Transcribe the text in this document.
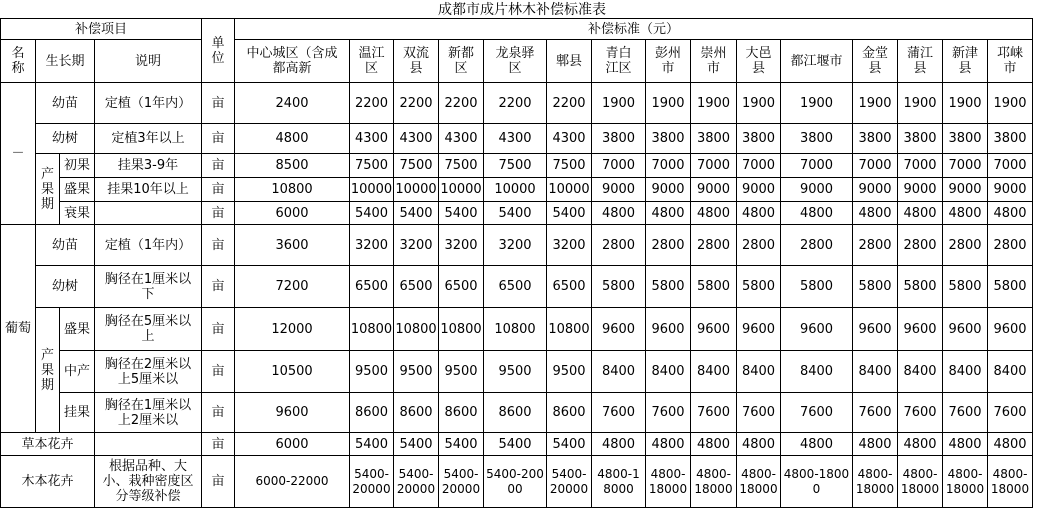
成都市成片林木补偿标准表
补偿项目				单位	补偿标准（元）														
名称	生长期		说明		中心城区（含成都高新	温江区	双流县	新都区	龙泉驿区	郫县	青白江区	彭州市	崇州市	大邑县	都江堰市	金堂县	蒲江县	新津县	邛崃市
－	幼苗		定植（1年内）	亩	2400	2200	2200	2200	2200	2200	1900	1900	1900	1900	1900	1900	1900	1900	1900
	幼树		定植3年以上	亩	4800	4300	4300	4300	4300	4300	3800	3800	3800	3800	3800	3800	3800	3800	3800
	产果期	初果	挂果3-9年	亩	8500	7500	7500	7500	7500	7500	7000	7000	7000	7000	7000	7000	7000	7000	7000
		盛果	挂果10年以上	亩	10800	10000	10000	10000	10000	10000	9000	9000	9000	9000	9000	9000	9000	9000	9000
		衰果		亩	6000	5400	5400	5400	5400	5400	4800	4800	4800	4800	4800	4800	4800	4800	4800
葡萄	幼苗		定植（1年内）	亩	3600	3200	3200	3200	3200	3200	2800	2800	2800	2800	2800	2800	2800	2800	2800
	幼树		胸径在1厘米以下	亩	7200	6500	6500	6500	6500	6500	5800	5800	5800	5800	5800	5800	5800	5800	5800
	产果期	盛果	胸径在5厘米以上	亩	12000	10800	10800	10800	10800	10800	9600	9600	9600	9600	9600	9600	9600	9600	9600
		中产	胸径在2厘米以上5厘米以	亩	10500	9500	9500	9500	9500	9500	8400	8400	8400	8400	8400	8400	8400	8400	8400
		挂果	胸径在1厘米以上2厘米以	亩	9600	8600	8600	8600	8600	8600	7600	7600	7600	7600	7600	7600	7600	7600	7600
草本花卉				亩	6000	5400	5400	5400	5400	5400	4800	4800	4800	4800	4800	4800	4800	4800	4800
木本花卉			根据品种、大小、栽种密度区分等级补偿	亩	6000-22000	5400-20000	5400-20000	5400-20000	5400-20000	5400-20000	4800-18000	4800-18000	4800-18000	4800-18000	4800-18000	4800-18000	4800-18000	4800-18000	4800-18000
